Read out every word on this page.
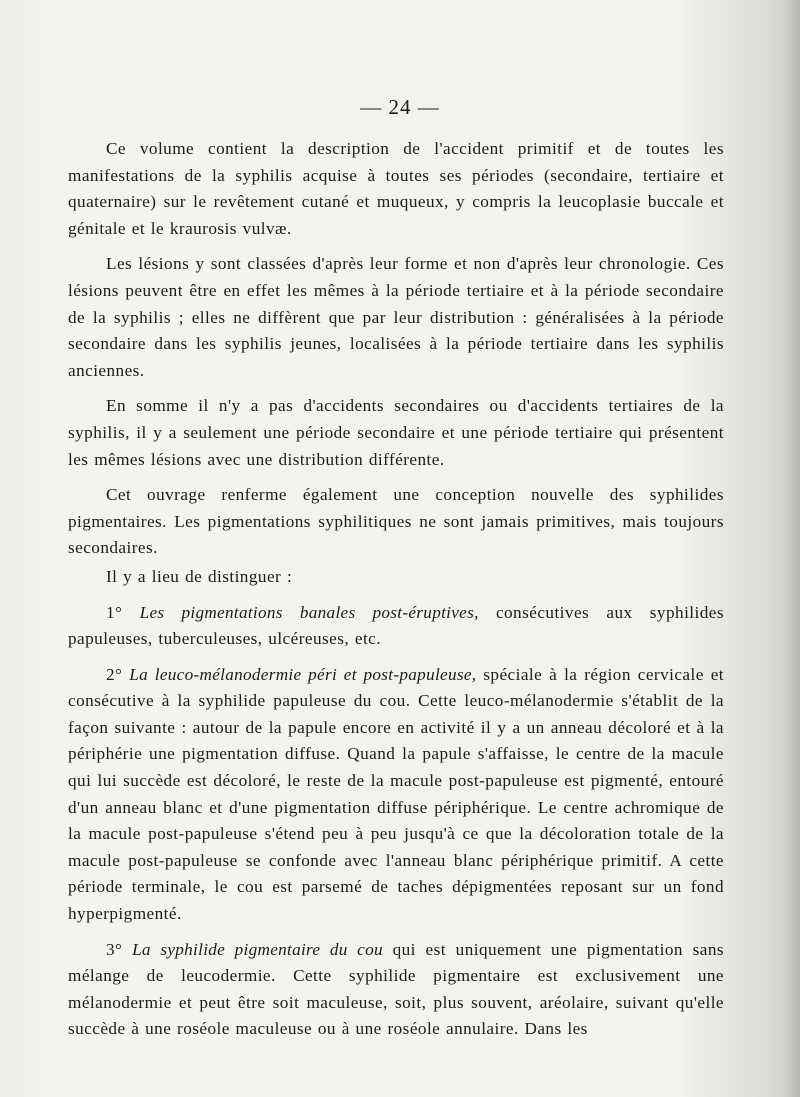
— 24 —

Ce volume contient la description de l'accident primitif et de toutes les manifestations de la syphilis acquise à toutes ses périodes (secondaire, tertiaire et quaternaire) sur le revêtement cutané et muqueux, y compris la leucoplasie buccale et génitale et le kraurosis vulvæ.

Les lésions y sont classées d'après leur forme et non d'après leur chronologie. Ces lésions peuvent être en effet les mêmes à la période tertiaire et à la période secondaire de la syphilis ; elles ne diffèrent que par leur distribution : généralisées à la période secondaire dans les syphilis jeunes, localisées à la période tertiaire dans les syphilis anciennes.

En somme il n'y a pas d'accidents secondaires ou d'accidents tertiaires de la syphilis, il y a seulement une période secondaire et une période tertiaire qui présentent les mêmes lésions avec une distribution différente.

Cet ouvrage renferme également une conception nouvelle des syphilides pigmentaires. Les pigmentations syphilitiques ne sont jamais primitives, mais toujours secondaires.

Il y a lieu de distinguer :

1° Les pigmentations banales post-éruptives, consécutives aux syphilides papuleuses, tuberculeuses, ulcéreuses, etc.

2° La leuco-mélanodermie péri et post-papuleuse, spéciale à la région cervicale et consécutive à la syphilide papuleuse du cou. Cette leuco-mélanodermie s'établit de la façon suivante : autour de la papule encore en activité il y a un anneau décoloré et à la périphérie une pigmentation diffuse. Quand la papule s'affaisse, le centre de la macule qui lui succède est décoloré, le reste de la macule post-papuleuse est pigmenté, entouré d'un anneau blanc et d'une pigmentation diffuse périphérique. Le centre achromique de la macule post-papuleuse s'étend peu à peu jusqu'à ce que la décoloration totale de la macule post-papuleuse se confonde avec l'anneau blanc périphérique primitif. A cette période terminale, le cou est parsemé de taches dépigmentées reposant sur un fond hyperpigmenté.

3° La syphilide pigmentaire du cou qui est uniquement une pigmentation sans mélange de leucodermie. Cette syphilide pigmentaire est exclusivement une mélanodermie et peut être soit maculeuse, soit, plus souvent, aréolaire, suivant qu'elle succède à une roséole maculeuse ou à une roséole annulaire. Dans les
